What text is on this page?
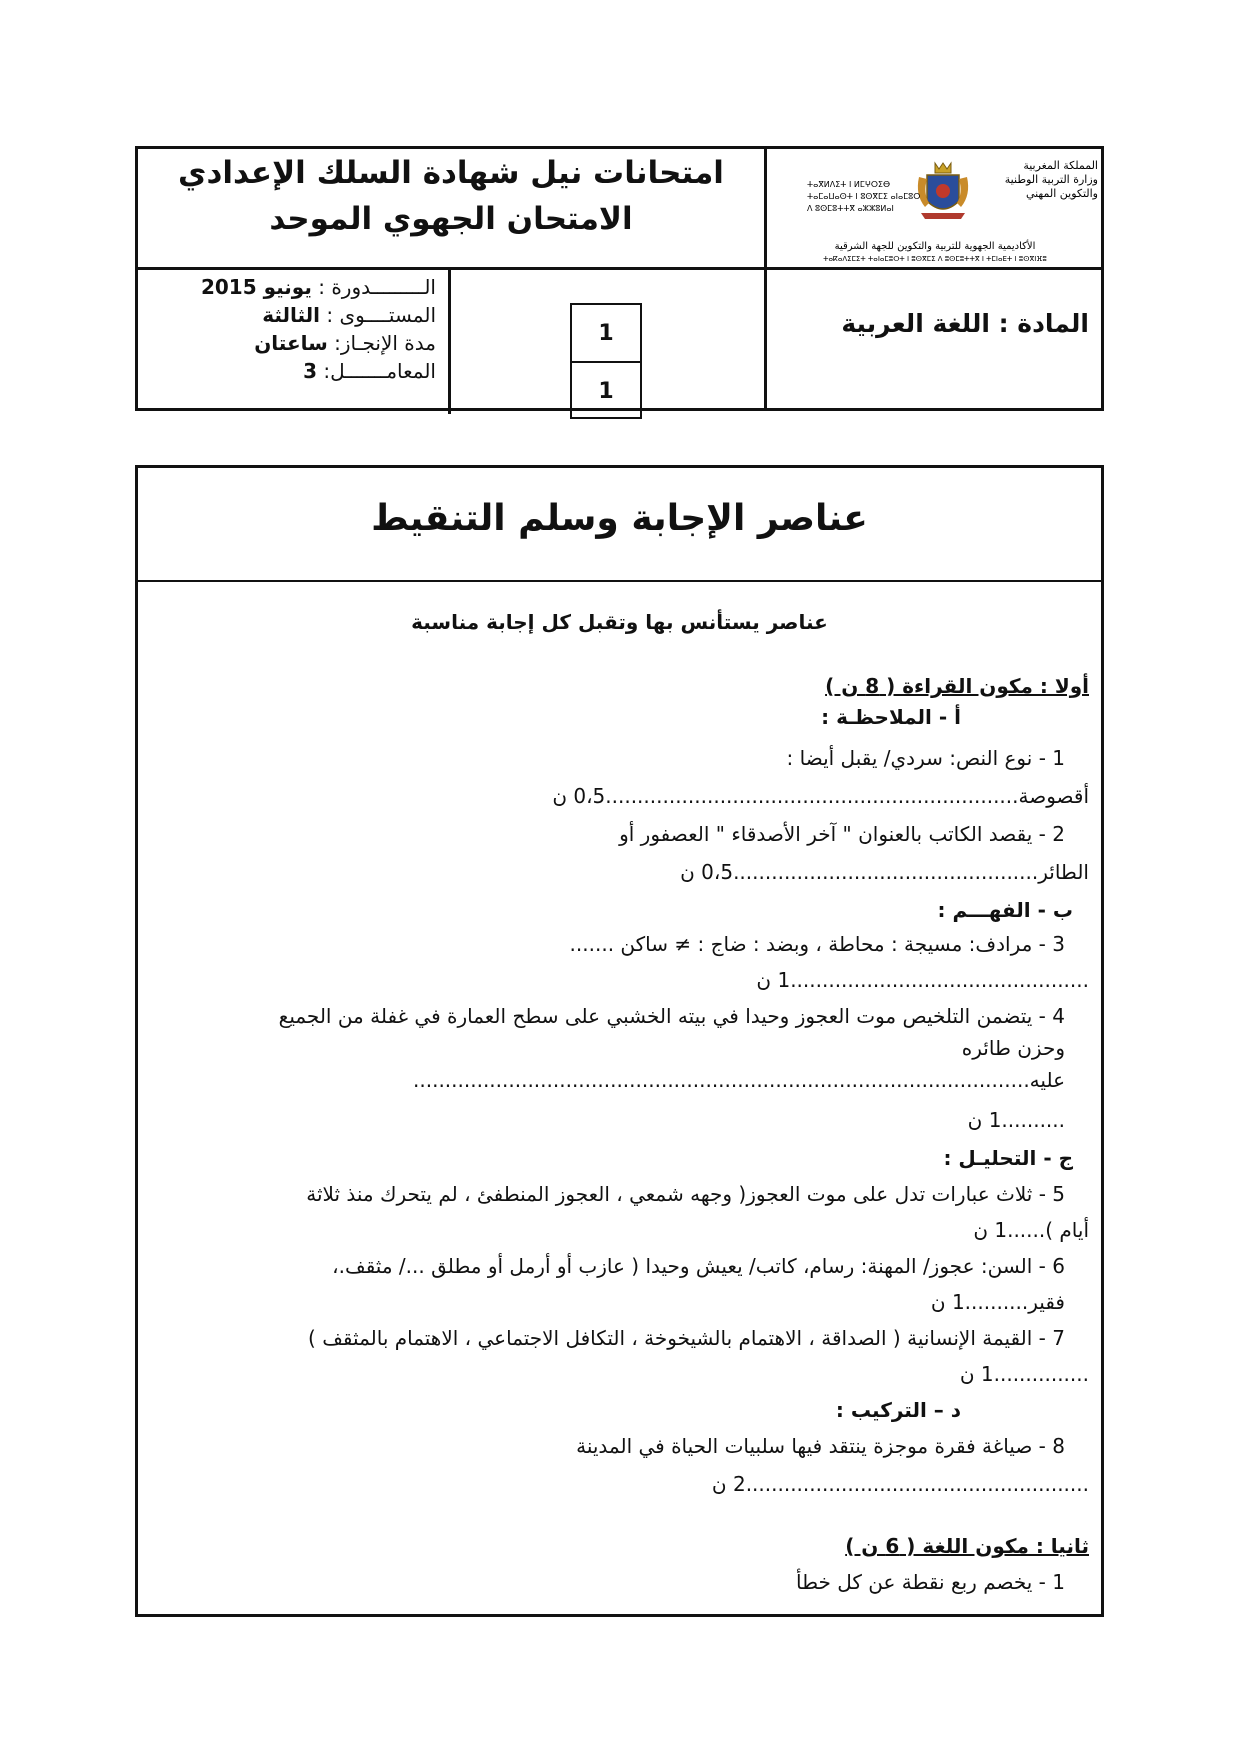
امتحانات نيل شهادة السلك الإعدادي
الامتحان الجهوي الموحد
المملكة المغربية
وزارة التربية الوطنية
والتكوين المهني
ⵜⴰⴳⵍⴷⵉⵜ ⵏ ⵍⵎⵖⵔⵉⴱ
ⵜⴰⵎⴰⵡⴰⵙⵜ ⵏ ⵓⵙⴳⵎⵉ ⴰⵏⴰⵎⵓⵔ
ⴷ ⵓⵙⵎⵓⵜⵜⴳ ⴰⵣⵣⵓⵍⴰⵏ
الأكاديمية الجهوية للتربية والتكوين للجهة الشرقية
ⵜⴰⴽⴰⴷⵉⵎⵉⵜ ⵜⴰⵏⴰⵎⵓⵔⵜ ⵏ ⵓⵙⴳⵎⵉ ⴷ ⵓⵙⵎⵓⵜⵜⴳ ⵏ ⵜⵎⵏⴰⴹⵜ ⵏ ⵓⵙⴳⵏⴼⵓ
المادة : اللغة العربية
1
1
الـــــــــدورة : يونيو 2015
المستــــوى : الثالثة
مدة الإنجـاز: ساعتان
المعامـــــــل: 3
عناصر الإجابة وسلم التنقيط
عناصر يستأنس بها وتقبل كل إجابة مناسبة
أولا : مكون القراءة ( 8 ن )
أ - الملاحظـة :
1 - نوع النص: سردي/ يقبل أيضا :
أقصوصة.................................................................0،5 ن
2 - يقصد الكاتب بالعنوان " آخر الأصدقاء " العصفور أو
الطائر................................................0،5 ن
ب - الفهـــم :
3 - مرادف: مسيجة : محاطة ، وبضد : ضاج : ≠ ساكن .......
...............................................1 ن
4 - يتضمن التلخيص موت العجوز وحيدا في بيته الخشبي على سطح العمارة في غفلة من الجميع
وحزن طائره
عليه.................................................................................................
..........1 ن
ج - التحليـل :
5 - ثلاث عبارات تدل على موت العجوز( وجهه شمعي ، العجوز المنطفئ ، لم يتحرك منذ ثلاثة
أيام )......1 ن
6 - السن: عجوز/ المهنة: رسام، كاتب/ يعيش وحيدا ( عازب أو أرمل أو مطلق .../ مثقف.،
فقير..........1 ن
7 - القيمة الإنسانية ( الصداقة ، الاهتمام بالشيخوخة ، التكافل الاجتماعي ، الاهتمام بالمثقف )
...............1 ن
د – التركيب :
8 - صياغة فقرة موجزة ينتقد فيها سلبيات الحياة في المدينة
......................................................2 ن
ثانيا : مكون اللغة ( 6 ن )
1 - يخصم ربع نقطة عن كل خطأ
